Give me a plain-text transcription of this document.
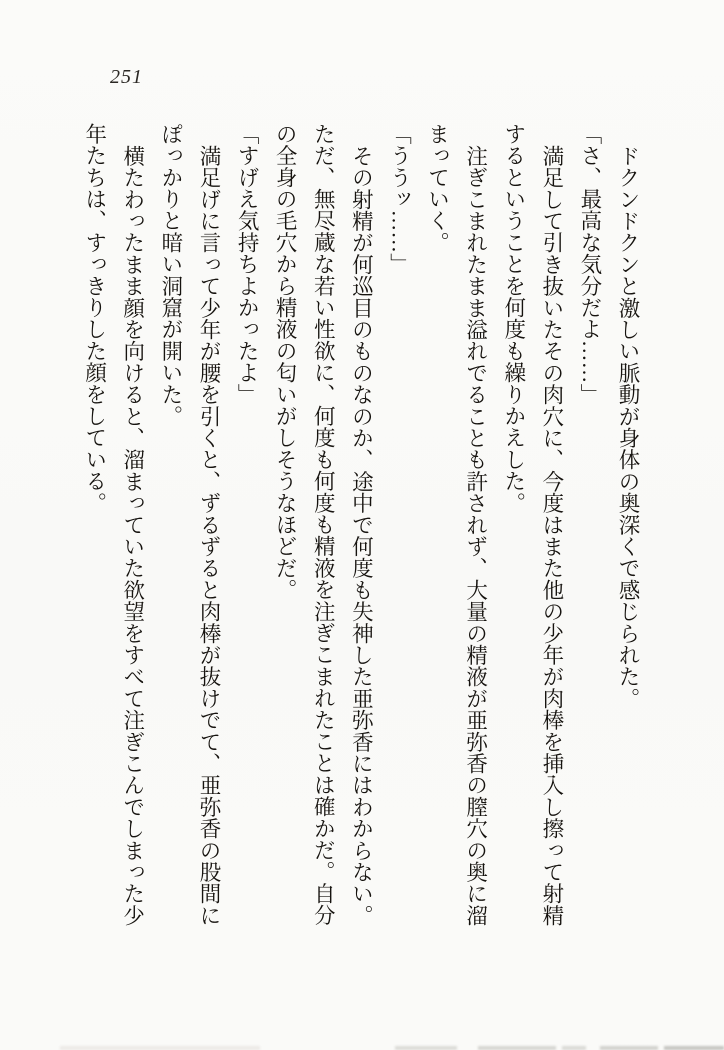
251

ドクンドクンと激しい脈動が身体の奥深くで感じられた。

「さ、最高な気分だよ……」

満足して引き抜いたその肉穴に、今度はまた他の少年が肉棒を挿入し擦って射精するということを何度も繰りかえした。

注ぎこまれたまま溢れでることも許されず、大量の精液が亜弥香の膣穴の奥に溜まっていく。

「ううッ……」

その射精が何巡目のものなのか、途中で何度も失神した亜弥香にはわからない。ただ、無尽蔵な若い性欲に、何度も何度も精液を注ぎこまれたことは確かだ。自分の全身の毛穴から精液の匂いがしそうなほどだ。

「すげえ気持ちよかったよ」

満足げに言って少年が腰を引くと、ずるずると肉棒が抜けでて、亜弥香の股間にぽっかりと暗い洞窟が開いた。

横たわったまま顔を向けると、溜まっていた欲望をすべて注ぎこんでしまった少年たちは、すっきりした顔をしている。
